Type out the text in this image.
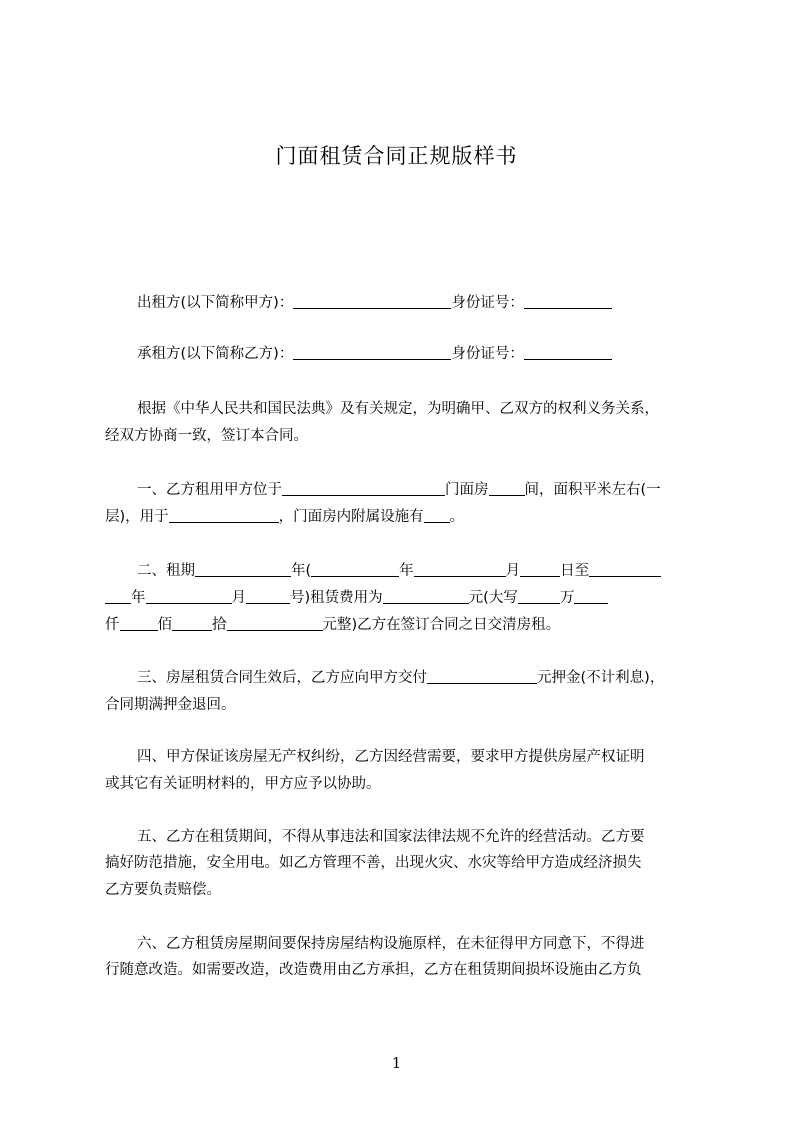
门面租赁合同正规版样书
出租方(以下简称甲方)：	身份证号：
承租方(以下简称乙方)：	身份证号：
根据《中华人民共和国民法典》及有关规定，为明确甲、乙双方的权利义务关系，
经双方协商一致，签订本合同。
一、乙方租用甲方位于	门面房 间，面积平米左右(一
层)，用于	，门面房内附属设施有 。
二、租期	年(	年	月	日至
年	月	号)租赁费用为	元(大写	万
仟	佰	拾	元整)乙方在签订合同之日交清房租。
三、房屋租赁合同生效后，乙方应向甲方交付	元押金(不计利息)，
合同期满押金退回。
四、甲方保证该房屋无产权纠纷，乙方因经营需要，要求甲方提供房屋产权证明
或其它有关证明材料的，甲方应予以协助。
五、乙方在租赁期间，不得从事违法和国家法律法规不允许的经营活动。乙方要
搞好防范措施，安全用电。如乙方管理不善，出现火灾、水灾等给甲方造成经济损失
乙方要负责赔偿。
六、乙方租赁房屋期间要保持房屋结构设施原样，在未征得甲方同意下，不得进
行随意改造。如需要改造，改造费用由乙方承担，乙方在租赁期间损坏设施由乙方负
1
